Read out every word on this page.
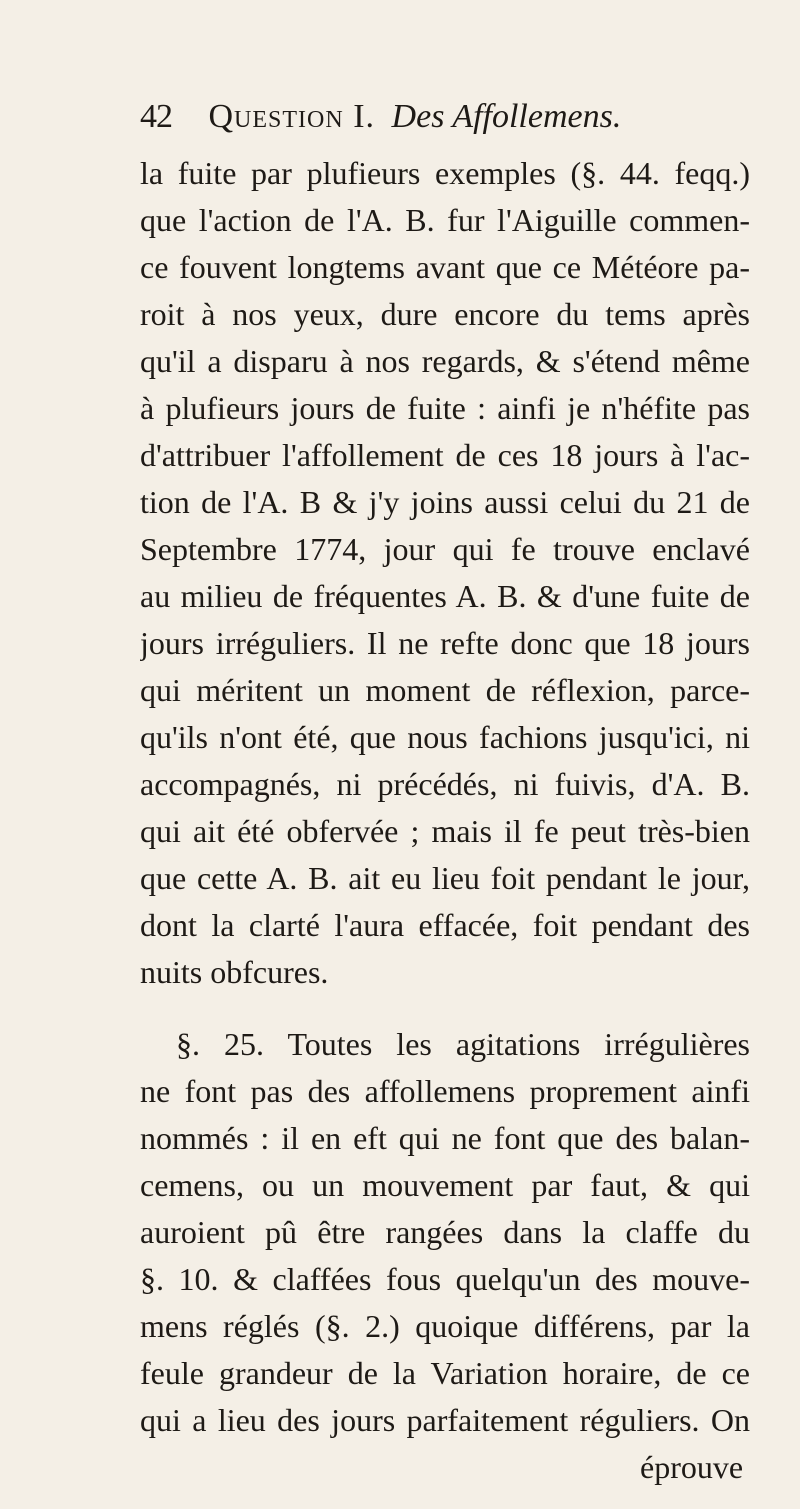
42 Question I. Des Affollemens.
la fuite par plufieurs exemples (§. 44. feqq.)
que l'action de l'A. B. fur l'Aiguille commen-
ce fouvent longtems avant que ce Météore pa-
roit à nos yeux, dure encore du tems après
qu'il a disparu à nos regards, & s'étend même
à plufieurs jours de fuite : ainfi je n'héfite pas
d'attribuer l'affollement de ces 18 jours à l'ac-
tion de l'A. B & j'y joins aussi celui du 21 de
Septembre 1774, jour qui fe trouve enclavé
au milieu de fréquentes A. B. & d'une fuite de
jours irréguliers. Il ne refte donc que 18 jours
qui méritent un moment de réflexion, parce-
qu'ils n'ont été, que nous fachions jusqu'ici, ni
accompagnés, ni précédés, ni fuivis, d'A. B.
qui ait été obfervée ; mais il fe peut très-bien
que cette A. B. ait eu lieu foit pendant le jour,
dont la clarté l'aura effacée, foit pendant des
nuits obfcures.
§. 25. Toutes les agitations irrégulières
ne font pas des affollemens proprement ainfi
nommés : il en eft qui ne font que des balan-
cemens, ou un mouvement par faut, & qui
auroient pû être rangées dans la claffe du
§. 10. & claffées fous quelqu'un des mouve-
mens réglés (§. 2.) quoique différens, par la
feule grandeur de la Variation horaire, de ce
qui a lieu des jours parfaitement réguliers. On
éprouve
